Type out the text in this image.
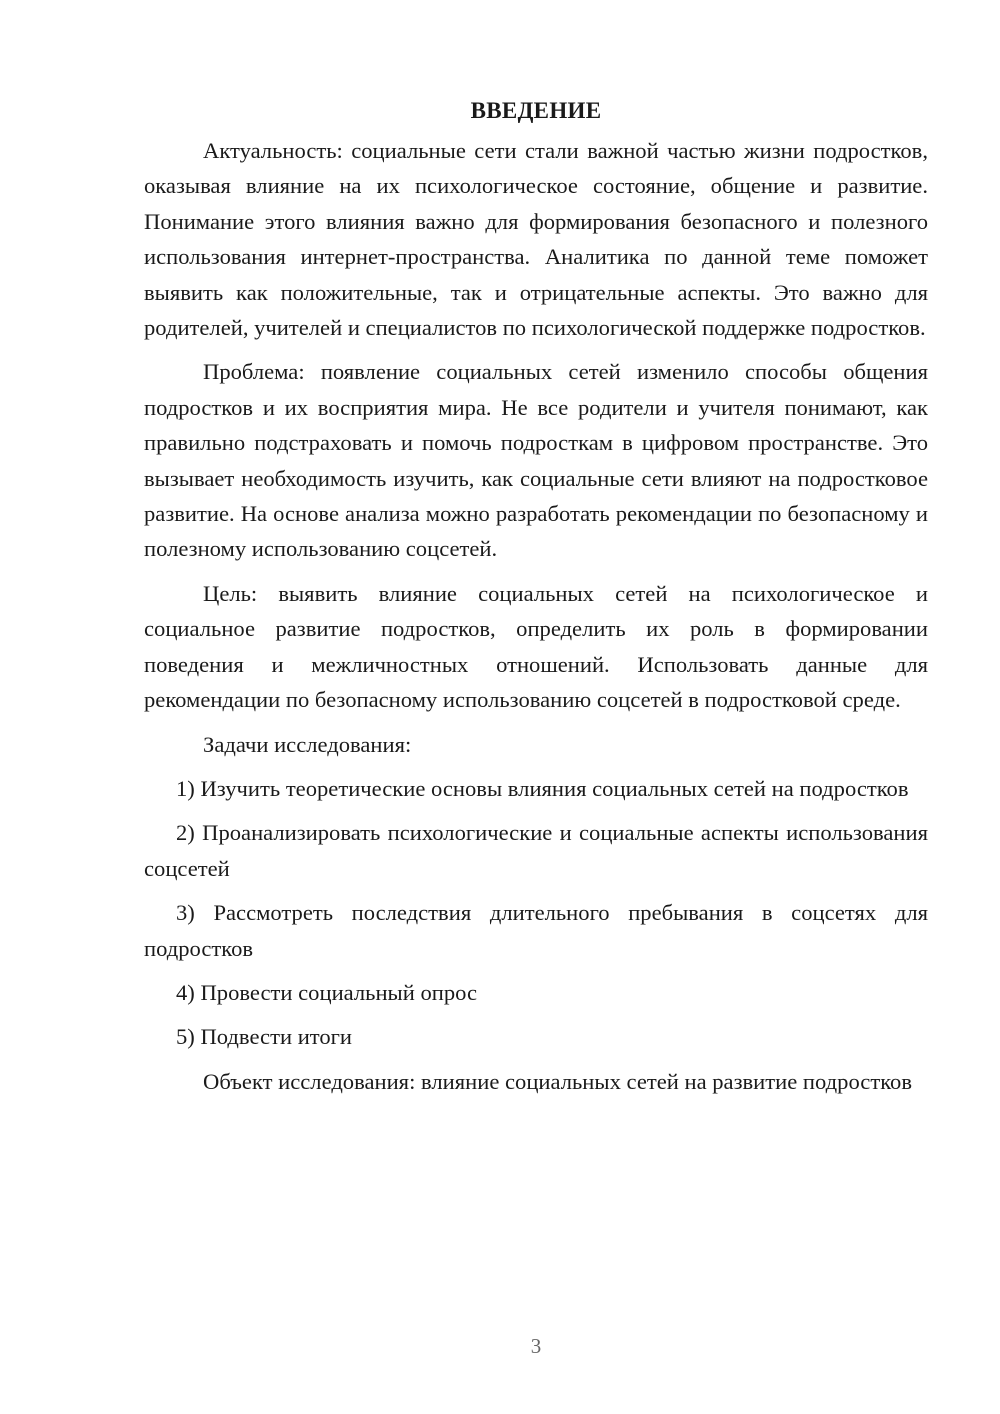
ВВЕДЕНИЕ

Актуальность: социальные сети стали важной частью жизни подростков, оказывая влияние на их психологическое состояние, общение и развитие. Понимание этого влияния важно для формирования безопасного и полезного использования интернет-пространства. Аналитика по данной теме поможет выявить как положительные, так и отрицательные аспекты. Это важно для родителей, учителей и специалистов по психологической поддержке подростков.

Проблема: появление социальных сетей изменило способы общения подростков и их восприятия мира. Не все родители и учителя понимают, как правильно подстраховать и помочь подросткам в цифровом пространстве. Это вызывает необходимость изучить, как социальные сети влияют на подростковое развитие. На основе анализа можно разработать рекомендации по безопасному и полезному использованию соцсетей.

Цель: выявить влияние социальных сетей на психологическое и социальное развитие подростков, определить их роль в формировании поведения и межличностных отношений. Использовать данные для рекомендации по безопасному использованию соцсетей в подростковой среде.

Задачи исследования:

1) Изучить теоретические основы влияния социальных сетей на подростков

2) Проанализировать психологические и социальные аспекты использования соцсетей

3) Рассмотреть последствия длительного пребывания в соцсетях для подростков

4) Провести социальный опрос

5) Подвести итоги

Объект исследования: влияние социальных сетей на развитие подростков

3
